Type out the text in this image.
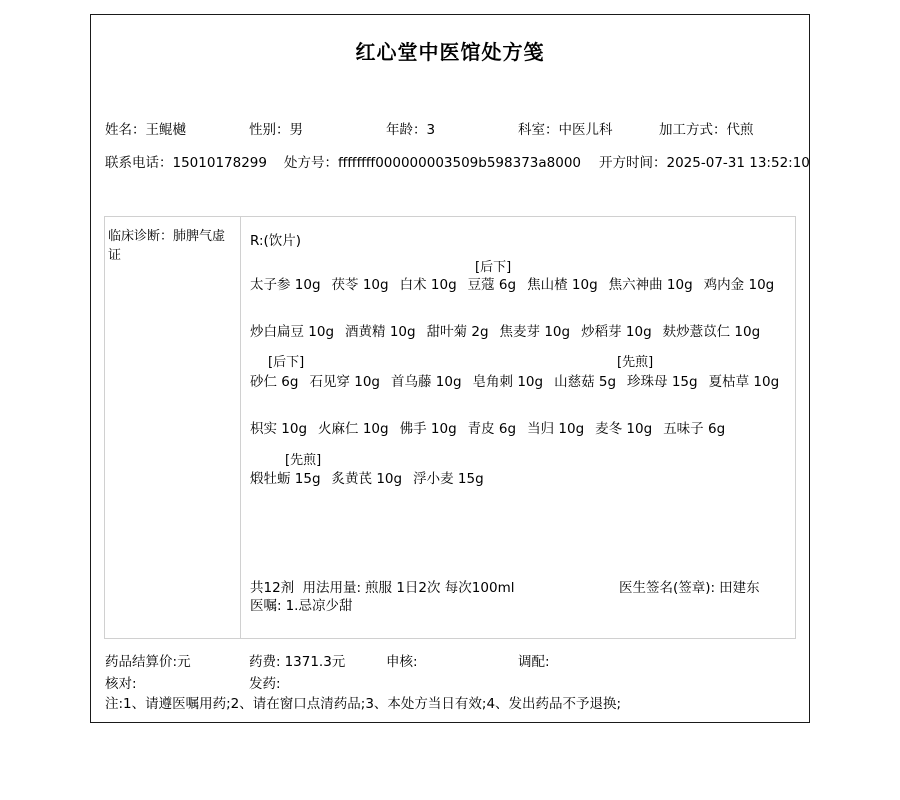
红心堂中医馆处方笺
姓名：王鲲樾	性别：男	年龄：3	科室：中医儿科	加工方式：代煎
联系电话：15010178299 处方号：ffffffff000000003509b598373a8000 开方时间：2025-07-31 13:52:10
临床诊断：肺脾气虚证
R:(饮片)
[后下]
太子参 10g 茯苓 10g 白术 10g 豆蔻 6g 焦山楂 10g 焦六神曲 10g 鸡内金 10g
炒白扁豆 10g 酒黄精 10g 甜叶菊 2g 焦麦芽 10g 炒稻芽 10g 麸炒薏苡仁 10g
[后下]	[先煎]
砂仁 6g 石见穿 10g 首乌藤 10g 皂角刺 10g 山慈菇 5g 珍珠母 15g 夏枯草 10g
枳实 10g 火麻仁 10g 佛手 10g 青皮 6g 当归 10g 麦冬 10g 五味子 6g
[先煎]
煅牡蛎 15g 炙黄芪 10g 浮小麦 15g
共12剂 用法用量: 煎服 1日2次 每次100ml	医生签名(签章): 田建东
医嘱: 1.忌凉少甜
药品结算价:元	药费: 1371.3元	申核:	调配:
核对:	发药:
注:1、请遵医嘱用药;2、请在窗口点清药品;3、本处方当日有效;4、发出药品不予退换;
